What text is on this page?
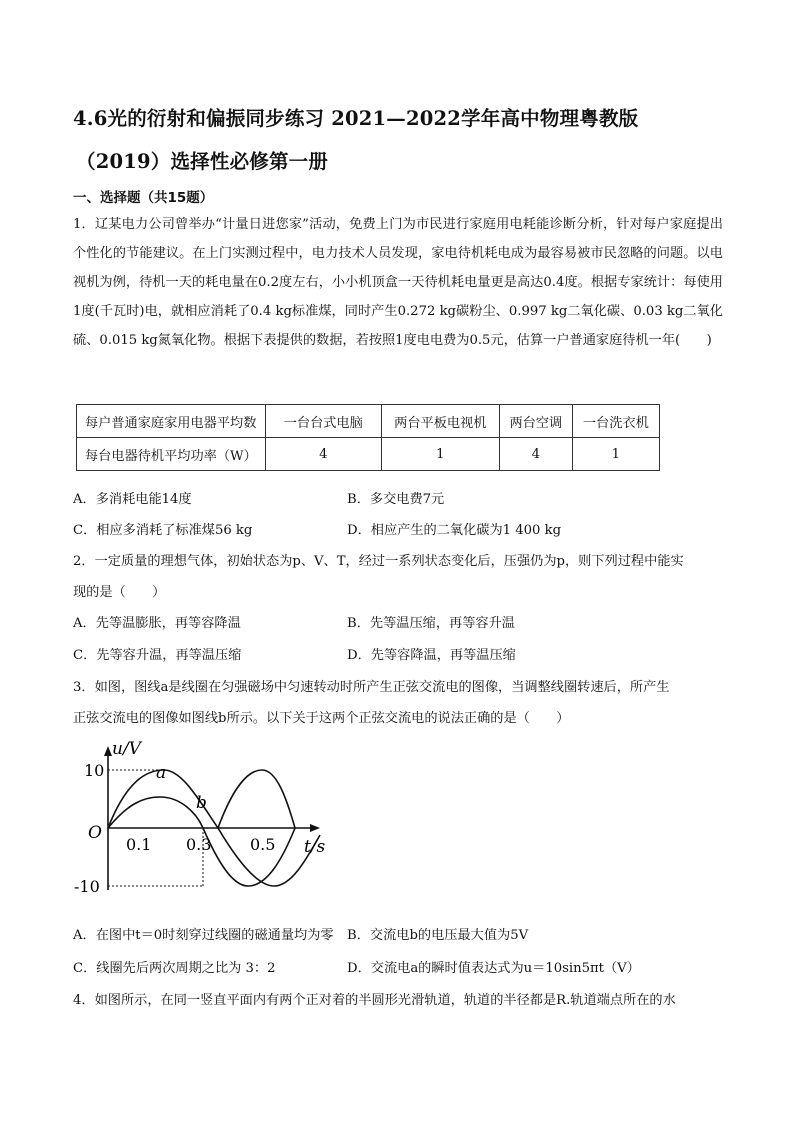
4.6光的衍射和偏振同步练习 2021—2022学年高中物理粤教版
（2019）选择性必修第一册
一、选择题（共15题）
1．辽某电力公司曾举办“计量日进您家”活动，免费上门为市民进行家庭用电耗能诊断分析，针对每户家庭提出个性化的节能建议。在上门实测过程中，电力技术人员发现，家电待机耗电成为最容易被市民忽略的问题。以电视机为例，待机一天的耗电量在0.2度左右，小小机顶盒一天待机耗电量更是高达0.4度。根据专家统计：每使用1度(千瓦时)电，就相应消耗了0.4 kg标准煤，同时产生0.272 kg碳粉尘、0.997 kg二氧化碳、0.03 kg二氧化硫、0.015 kg氮氧化物。根据下表提供的数据，若按照1度电电费为0.5元，估算一户普通家庭待机一年(　　)
每户普通家庭家用电器平均数	一台台式电脑	两台平板电视机	两台空调	一台洗衣机
每台电器待机平均功率（W）	4	1	4	1
A．多消耗电能14度	B．多交电费7元
C．相应多消耗了标准煤56 kg	D．相应产生的二氧化碳为1 400 kg
2．一定质量的理想气体，初始状态为p、V、T，经过一系列状态变化后，压强仍为p，则下列过程中能实
现的是（　　）
A．先等温膨胀，再等容降温	B．先等温压缩，再等容升温
C．先等容升温，再等温压缩	D．先等容降温，再等温压缩
3．如图，图线a是线圈在匀强磁场中匀速转动时所产生正弦交流电的图像，当调整线圈转速后，所产生
正弦交流电的图像如图线b所示。以下关于这两个正弦交流电的说法正确的是（　　）
u/V
t/s
O
10
-10
0.1 0.3 0.5
a
b
A．在图中t＝0时刻穿过线圈的磁通量均为零 B．交流电b的电压最大值为5V
C．线圈先后两次周期之比为 3：2	D．交流电a的瞬时值表达式为u＝10sin5πt（V）
4．如图所示，在同一竖直平面内有两个正对着的半圆形光滑轨道，轨道的半径都是R.轨道端点所在的水
